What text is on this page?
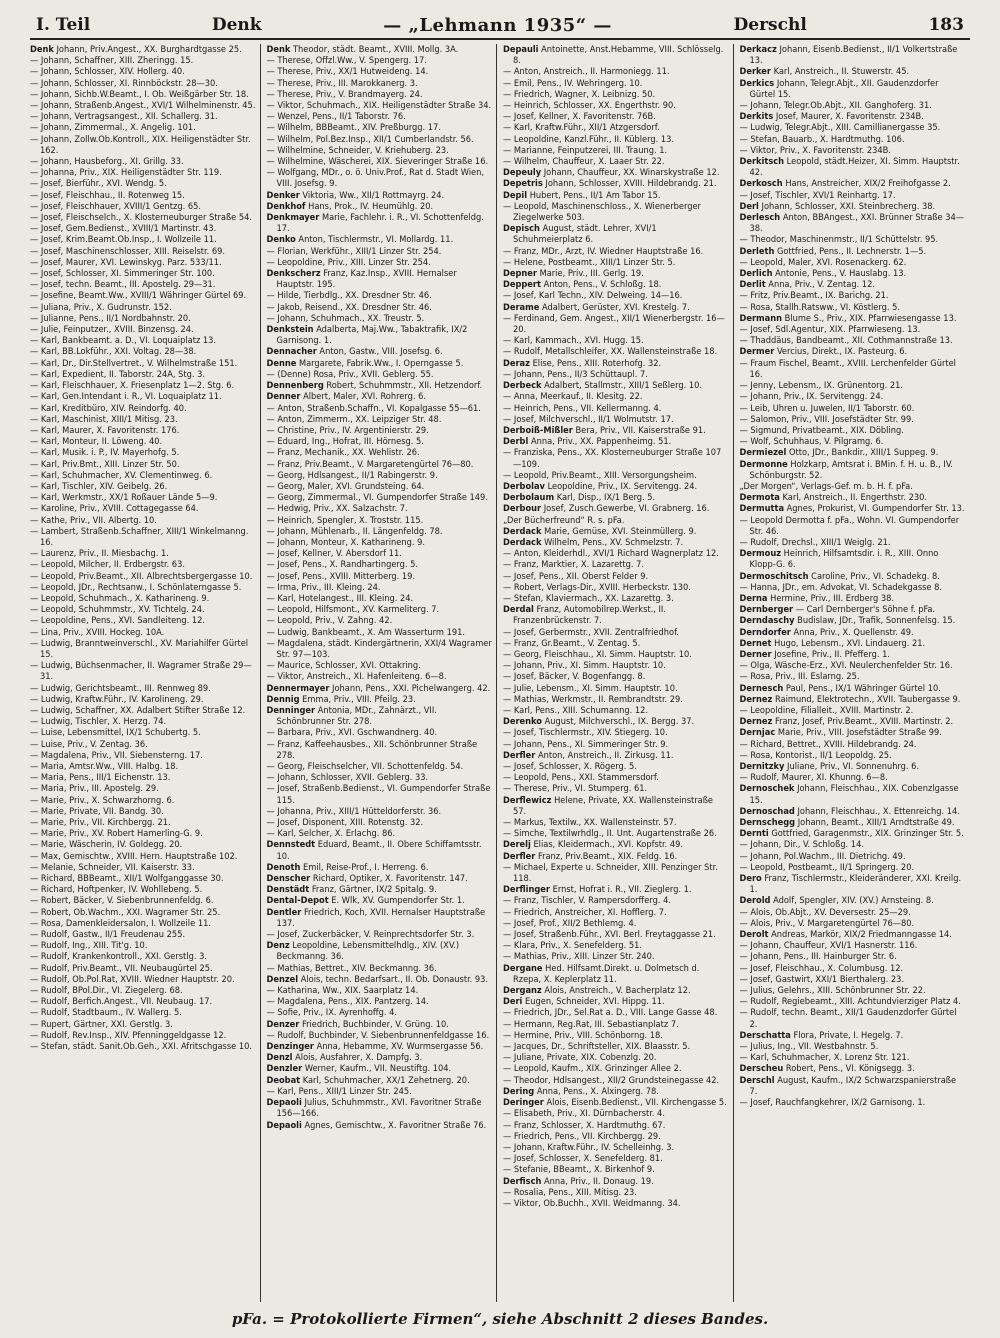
I. Teil	Denk	— „Lehmann 1935“ —	Derschl	183

Denk Johann, Priv.Angest., XX. Burghardtgasse 25.

— Johann, Schaffner, XIII. Zheringg. 15.

— Johann, Schlosser, XIV. Hollerg. 40.

— Johann, Schlosser, XI. Rinnböckstr. 28—30.

— Johann, Sichb.W.Beamt., I. Ob. Weißgärber Str. 18.

— Johann, Straßenb.Angest., XVI/1 Wilhelminenstr. 45.

— Johann, Vertragsangest., XII. Schallerg. 31.

— Johann, Zimmermal., X. Angelig. 101.

— Johann, Zollw.Ob.Kontroll., XIX. Heiligenstädter Str. 162.

— Johann, Hausbeforg., XI. Grillg. 33.

— Johanna, Priv., XIX. Heiligenstädter Str. 119.

— Josef, Bierführ., XVI. Wendg. 5.

— Josef, Fleischhau., II. Rotenweg 15.

— Josef, Fleischhauer, XVIII/1 Gentzg. 65.

— Josef, Fleischselch., X. Klosterneuburger Straße 54.

— Josef, Gem.Bedienst., XVIII/1 Martinstr. 43.

— Josef, Krim.Beamt.Ob.Insp., I. Wollzeile 11.

— Josef, Maschinenschlosser, XIII. Reiselstr. 69.

— Josef, Maurer, XVI. Lewinskyg. Parz. 533/11.

— Josef, Schlosser, XI. Simmeringer Str. 100.

— Josef, techn. Beamt., III. Apostelg. 29—31.

— Josefine, Beamt.Ww., XVIII/1 Währinger Gürtel 69.

— Juliana, Priv., X. Gudrunstr. 152.

— Julianne, Pens., II/1 Nordbahnstr. 20.

— Julie, Feinputzer., XVIII. Binzensg. 24.

— Karl, Bankbeamt. a. D., VI. Loquaiplatz 13.

— Karl, BB.Lokführ., XXI. Voltag. 28—38.

— Karl, Dr., Dir.Stellvertret., V. Wilhelmstraße 151.

— Karl, Expedient, II. Taborstr. 24A, Stg. 3.

— Karl, Fleischhauer, X. Friesenplatz 1—2. Stg. 6.

— Karl, Gen.Intendant i. R., VI. Loquaiplatz 11.

— Karl, Kreditbüro, XIV. Reindorfg. 40.

— Karl, Maschinist, XIII/1 Mitisg. 23.

— Karl, Maurer, X. Favoritenstr. 176.

— Karl, Monteur, II. Löweng. 40.

— Karl, Musik. i. P., IV. Mayerhofg. 5.

— Karl, Priv.Bmt., XIII. Linzer Str. 50.

— Karl, Schuhmacher, XV. Clementinweg. 6.

— Karl, Tischler, XIV. Geibelg. 26.

— Karl, Werkmstr., XX/1 Roßauer Lände 5—9.

— Karoline, Priv., XVIII. Cottagegasse 64.

— Kathe, Priv., VII. Albertg. 10.

— Lambert, Straßenb.Schaffner, XIII/1 Winkelmanng. 16.

— Laurenz, Priv., II. Miesbachg. 1.

— Leopold, Milcher, II. Erdbergstr. 63.

— Leopold, Priv.Beamt., XII. Albrechtsbergergasse 10.

— Leopold, JDr., Rechtsanw., I. Schönlaterngasse 5.

— Leopold, Schuhmach., X. Katharineng. 9.

— Leopold, Schuhmmstr., XV. Tichtelg. 24.

— Leopoldine, Pens., XVI. Sandleiteng. 12.

— Lina, Priv., XVIII. Hockeg. 10A.

— Ludwig, Branntweinverschl., XV. Mariahilfer Gürtel 15.

— Ludwig, Büchsenmacher, II. Wagramer Straße 29—31.

— Ludwig, Gerichtsbeamt., III. Rennweg 89.

— Ludwig, Kraftw.Führ., IV. Karolineng. 29.

— Ludwig, Schaffner, XX. Adalbert Stifter Straße 12.

— Ludwig, Tischler, X. Herzg. 74.

— Luise, Lebensmittel, IX/1 Schubertg. 5.

— Luise, Priv., V. Zentag. 36.

— Magdalena, Priv., VII. Siebensterng. 17.

— Maria, Amtsr.Ww., VIII. Halbg. 18.

— Maria, Pens., III/1 Eichenstr. 13.

— Maria, Priv., III. Apostelg. 29.

— Marie, Priv., X. Schwarzhorng. 6.

— Marie, Private, VII. Bandg. 30.

— Marie, Priv., VII. Kirchbergg. 21.

— Marie, Priv., XV. Robert Hamerling-G. 9.

— Marie, Wäscherin, IV. Goldegg. 20.

— Max, Gemischtw., XVIII. Hern. Hauptstraße 102.

— Melanie, Schneider, VII. Kaiserstr. 33.

— Richard, BBBeamt., XII/1 Wolfganggasse 30.

— Richard, Hoftpenker, IV. Wohllebeng. 5.

— Robert, Bäcker, V. Siebenbrunnenfeldg. 6.

— Robert, Ob.Wachm., XXI. Wagramer Str. 25.

— Rosa, Damenkleidersalon, I. Wollzeile 11.

— Rudolf, Gastw., II/1 Freudenau 255.

— Rudolf, Ing., XIII. Tit'g. 10.

— Rudolf, Krankenkontroll., XXI. Gerstlg. 3.

— Rudolf, Priv.Beamt., VII. Neubaugürtel 25.

— Rudolf, Ob.Pol.Rat, XVIII. Wiedner Hauptstr. 20.

— Rudolf, BPol.Dir., VI. Ziegelerg. 68.

— Rudolf, Berfich.Angest., VII. Neubaug. 17.

— Rudolf, Stadtbaum., IV. Wallerg. 5.

— Rupert, Gärtner, XXI. Gerstlg. 3.

— Rudolf, Rev.Insp., XIV. Pfenninggeldgasse 12.

— Stefan, städt. Sanit.Ob.Geh., XXI. Afritschgasse 10.

Denk Theodor, städt. Beamt., XVIII. Mollg. 3A.

— Therese, Offzl.Ww., V. Spengerg. 17.

— Therese, Priv., XX/1 Hutweideng. 14.

— Therese, Priv., III. Marokkanerg. 3.

— Therese, Priv., V. Brandmayerg. 24.

— Viktor, Schuhmach., XIX. Heiligenstädter Straße 34.

— Wenzel, Pens., II/1 Taborstr. 76.

— Wilhelm, BBBeamt., XIV. Preßburgg. 17.

— Wilhelm, Pol.Bez.Insp., XII/1 Cumberlandstr. 56.

— Wilhelmine, Schneider, V. Kriehuberg. 23.

— Wilhelmine, Wäscherei, XIX. Sieveringer Straße 16.

— Wolfgang, MDr., o. ö. Univ.Prof., Rat d. Stadt Wien, VIII. Josefsg. 9.

Denker Viktoria, Ww., XII/1 Rottmayrg. 24.

Denkhof Hans, Prok., IV. Heumühlg. 20.

Denkmayer Marie, Fachlehr. i. R., VI. Schottenfeldg. 17.

Denko Anton, Tischlermstr., VI. Mollardg. 11.

— Florian, Werkführ., XIII/1 Linzer Str. 254.

— Leopoldine, Priv., XIII. Linzer Str. 254.

Denkscherz Franz, Kaz.Insp., XVIII. Hernalser Hauptstr. 195.

— Hilde, Tierbdlg., XX. Dresdner Str. 46.

— Jakob, Reisend., XX. Dresdner Str. 46.

— Johann, Schuhmach., XX. Treustr. 5.

Denkstein Adalberta, Maj.Ww., Tabaktrafik, IX/2 Garnisong. 1.

Dennacher Anton, Gastw., VIII. Josefsg. 6.

Denne Margarete, Fabrik.Ww., I. Operngasse 5.

— (Denne) Rosa, Priv., XVII. Geblerg. 55.

Dennenberg Robert, Schuhmmstr., XII. Hetzendorf.

Denner Albert, Maler, XVI. Rohrerg. 6.

— Anton, Straßenb.Schaffn., VI. Kopalgasse 55—61.

— Anton, Zimmerm., XX. Leipziger Str. 48.

— Christine, Priv., IV. Argentinierstr. 29.

— Eduard, Ing., Hofrat, III. Hörnesg. 5.

— Franz, Mechanik., XX. Wehlistr. 26.

— Franz, Priv.Beamt., V. Margaretengürtel 76—80.

— Georg, Hdlsangest., II/1 Rabingerstr. 9.

— Georg, Maler, XVI. Grundsteing. 64.

— Georg, Zimmermal., VI. Gumpendorfer Straße 149.

— Hedwig, Priv., XX. Salzachstr. 7.

— Heinrich, Spengler, X. Troststr. 115.

— Johann, Mühlenarb., II. Längenfeldg. 78.

— Johann, Monteur, X. Katharineng. 9.

— Josef, Kellner, V. Abersdorf 11.

— Josef, Pens., X. Randhartingerg. 5.

— Josef, Pens., XVIII. Mitterberg. 19.

— Irma, Priv., III. Kleing. 24.

— Karl, Hotelangest., III. Kleing. 24.

— Leopold, Hilfsmont., XV. Karmeliterg. 7.

— Leopold, Priv., V. Zahng. 42.

— Ludwig, Bankbeamt., X. Am Wasserturm 191.

— Magdalena, städt. Kindergärtnerin, XXI/4 Wagramer Str. 97—103.

— Maurice, Schlosser, XVI. Ottakring.

— Viktor, Anstreich., XI. Hafenleiteng. 6—8.

Dennermayer Johann, Pens., XXI. Pichelwangerg. 42.

Dennig Emma, Priv., VIII. Pfeilg. 23.

Denninger Antonia, MDr., Zahnärzt., VII. Schönbrunner Str. 278.

— Barbara, Priv., XVI. Gschwandnerg. 40.

— Franz, Kaffeehausbes., XII. Schönbrunner Straße 278.

— Georg, Fleischselcher, VII. Schottenfeldg. 54.

— Johann, Schlosser, XVII. Geblerg. 33.

— Josef, Straßenb.Bedienst., VI. Gumpendorfer Straße 115.

— Johanna, Priv., XIII/1 Hütteldorferstr. 36.

— Josef, Disponent, XIII. Rotenstg. 32.

— Karl, Selcher, X. Erlachg. 86.

Dennstedt Eduard, Beamt., II. Obere Schiffamtsstr. 10.

Denoth Emil, Reise-Prof., I. Herreng. 6.

Denscher Richard, Optiker, X. Favoritenstr. 147.

Denstädt Franz, Gärtner, IX/2 Spitalg. 9.

Dental-Depot E. Wlk, XV. Gumpendorfer Str. 1.

Dentler Friedrich, Koch, XVII. Hernalser Hauptstraße 137.

— Josef, Zuckerbäcker, V. Reinprechtsdorfer Str. 3.

Denz Leopoldine, Lebensmittelhdlg., XIV. (XV.) Beckmanng. 36.

— Mathias, Bettret., XIV. Beckmanng. 36.

Denzel Alois, techn. Bedarfsart., II. Ob. Donaustr. 93.

— Katharina, Ww., XIX. Saarplatz 14.

— Magdalena, Pens., XIX. Pantzerg. 14.

— Sofie, Priv., IX. Ayrenhoffg. 4.

Denzer Friedrich, Buchbinder, V. Grüng. 10.

— Rudolf, Buchbinder, V. Siebenbrunnenfeldgasse 16.

Denzinger Anna, Hebamme, XV. Wurmsergasse 56.

Denzl Alois, Ausfahrer, X. Dampfg. 3.

Denzler Werner, Kaufm., VII. Neustiftg. 104.

Deobat Karl, Schuhmacher, XX/1 Zehetnerg. 20.

— Karl, Pens., XIII/1 Linzer Str. 245.

Depaoli Julius, Schuhmmstr., XVI. Favoritner Straße 156—166.

Depaoli Agnes, Gemischtw., X. Favoritner Straße 76.

Depauli Antoinette, Anst.Hebamme, VIII. Schlösselg. 8.

— Anton, Anstreich., II. Harmoniegg. 11.

— Emil, Pens., IV. Wehringerg. 10.

— Friedrich, Wagner, X. Leibnizg. 50.

— Heinrich, Schlosser, XX. Engerthstr. 90.

— Josef, Kellner, X. Favoritenstr. 76B.

— Karl, Kraftw.Führ., XII/1 Atzgersdorf.

— Leopoldine, Kanzl.Führ., II. Küblerg. 13.

— Marianne, Feinputzerei, III. Traung. 1.

— Wilhelm, Chauffeur, X. Laaer Str. 22.

Depeuly Johann, Chauffeur, XX. Winarskystraße 12.

Depetris Johann, Schlosser, XVIII. Hildebrandg. 21.

Depil Hubert, Pens., II/1 Am Tabor 15.

— Leopold, Maschinenschloss., X. Wienerberger Ziegelwerke 503.

Depisch August, städt. Lehrer, XVI/1 Schuhmeierplatz 6.

— Franz, MDr., Arzt, IV. Wiedner Hauptstraße 16.

— Helene, Postbeamt., XIII/1 Linzer Str. 5.

Depner Marie, Priv., III. Gerlg. 19.

Deppert Anton, Pens., V. Schloßg. 18.

— Josef, Karl Techn., XIV. Delweing. 14—16.

Derame Adalbert, Gerüster, XVI. Krestelg. 7.

— Ferdinand, Gem. Angest., XII/1 Wienerbergstr. 16—20.

— Karl, Kammach., XVI. Hugg. 15.

— Rudolf, Metallschleifer, XX. Wallensteinstraße 18.

Deraz Elise, Pens., XIII. Roterhofg. 32.

— Johann, Pens., II/3 Schüttaupl. 7.

Derbeck Adalbert, Stallmstr., XIII/1 Seßlerg. 10.

— Anna, Meerkauf., II. Klesitg. 22.

— Heinrich, Pens., VII. Kellermanng. 4.

— Josef, Milchverschl., II/1 Wolmutstr. 17.

Derboiß-Mißler Bera, Priv., VII. Kaiserstraße 91.

Derbl Anna, Priv., XX. Pappenheimg. 51.

— Franziska, Pens., XX. Klosterneuburger Straße 107—109.

— Leopold, Priv.Beamt., XIII. Versorgungsheim.

Derbolav Leopoldine, Priv., IX. Servitengg. 24.

Derbolaum Karl, Disp., IX/1 Berg. 5.

Derbour Josef, Zusch.Gewerbe, VI. Grabnerg. 16.

„Der Bücherfreund“ R. s. pFa.

Derdack Marie, Gemüse, XVI. Steinmüllerg. 9.

Derdack Wilhelm, Pens., XV. Schmelzstr. 7.

— Anton, Kleiderhdl., XVI/1 Richard Wagnerplatz 12.

— Franz, Marktier, X. Lazarettg. 7.

— Josef, Pens., XII. Oberst Felder 9.

— Robert, Verlags-Dir., XVIII. Herbeckstr. 130.

— Stefan, Klaviermach., XX. Lazarettg. 3.

Derdal Franz, Automobilrep.Werkst., II. Franzenbrückenstr. 7.

— Josef, Gerbermstr., XVII. Zentralfriedhof.

— Franz, Gr.Beamt., V. Zentag. 5.

— Georg, Fleischhau., XI. Simm. Hauptstr. 10.

— Johann, Priv., XI. Simm. Hauptstr. 10.

— Josef, Bäcker, V. Bogenfangg. 8.

— Julie, Lebensm., XI. Simm. Hauptstr. 10.

— Mathias, Werkmstr., II. Rembrandtstr. 29.

— Karl, Pens., XIII. Schumanng. 12.

Derenko August, Milchverschl., IX. Bergg. 37.

— Josef, Tischlermstr., XIV. Stiegerg. 10.

— Johann, Pens., XI. Simmeringer Str. 9.

Derfler Anton, Anstreich., II. Zirkusg. 11.

— Josef, Schlosser, X. Rögerg. 5.

— Leopold, Pens., XXI. Stammersdorf.

— Therese, Priv., VI. Stumperg. 61.

Derflewicz Helene, Private, XX. Wallensteinstraße 57.

— Markus, Textilw., XX. Wallensteinstr. 57.

— Simche, Textilwrhdlg., II. Unt. Augartenstraße 26.

Derelj Elias, Kleidermach., XVI. Kopfstr. 49.

Derfler Franz, Priv.Beamt., XIX. Feldg. 16.

— Michael, Experte u. Schneider, XIII. Penzinger Str. 118.

Derflinger Ernst, Hofrat i. R., VII. Zieglerg. 1.

— Franz, Tischler, V. Rampersdorfferg. 4.

— Friedrich, Anstreicher, XI. Hofflerg. 7.

— Josef, Prof., XII/2 Bethlemg. 4.

— Josef, Straßenb.Führ., XVI. Berl. Freytaggasse 21.

— Klara, Priv., X. Senefelderg. 51.

— Mathias, Priv., XIII. Linzer Str. 240.

Dergane Hed. Hilfsamt.Direkt. u. Dolmetsch d. Rzepa, X. Keplerplatz 11.

Derganz Alois, Anstreich., V. Bacherplatz 12.

Deri Eugen, Schneider, XVI. Hippg. 11.

— Friedrich, JDr., Sel.Rat a. D., VIII. Lange Gasse 48.

— Hermann, Reg.Rat, III. Sebastianplatz 7.

— Hermine, Priv., VIII. Schönborng. 18.

— Jacques, Dr., Schriftsteller, XIX. Blaasstr. 5.

— Juliane, Private, XIX. Cobenzlg. 20.

— Leopold, Kaufm., XIX. Grinzinger Allee 2.

— Theodor, Hdlsangest., XII/2 Grundsteinegasse 42.

Dering Anna, Pens., X. Alxingerg. 78.

Deringer Alois, Eisenb.Bedienst., VII. Kirchengasse 5.

— Elisabeth, Priv., XI. Dürnbacherstr. 4.

— Franz, Schlosser, X. Hardtmuthg. 67.

— Friedrich, Pens., VII. Kirchbergg. 29.

— Johann, Kraftw.Führ., IV. Schelleinhg. 3.

— Josef, Schlosser, X. Senefelderg. 81.

— Stefanie, BBeamt., X. Birkenhof 9.

Derfisch Anna, Priv., II. Donaug. 19.

— Rosalia, Pens., XIII. Mitisg. 23.

— Viktor, Ob.Buchh., XVII. Weidmanng. 34.

Derkacz Johann, Eisenb.Bedienst., II/1 Volkertstraße 13.

Derker Karl, Anstreich., II. Stuwerstr. 45.

Derkics Johann, Telegr.Abjt., XII. Gaudenzdorfer Gürtel 15.

— Johann, Telegr.Ob.Abjt., XII. Ganghoferg. 31.

Derkits Josef, Maurer, X. Favoritenstr. 234B.

— Ludwig, Telegr.Abjt., XIII. Camillianergasse 35.

— Stefan, Bauarb., X. Hardtmuthg. 106.

— Viktor, Priv., X. Favoritenstr. 234B.

Derkitsch Leopold, städt.Heizer, XI. Simm. Hauptstr. 42.

Derkosch Hans, Anstreicher, XIX/2 Freihofgasse 2.

— Josef, Tischler, XVI/1 Reinhartg. 17.

Derl Johann, Schlosser, XXI. Steinbrecherg. 38.

Derlesch Anton, BBAngest., XXI. Brünner Straße 34—38.

— Theodor, Maschinenmstr., II/1 Schüttelstr. 95.

Derleth Gottfried, Pens., II. Lechnerstr. 1—5.

— Leopold, Maler, XVI. Rosenackerg. 62.

Derlich Antonie, Pens., V. Hauslabg. 13.

Derlit Anna, Priv., V. Zentag. 12.

— Fritz, Priv.Beamt., IX. Barichg. 21.

— Rosa, Stallh.Ratsww., VI. Köstlerg. 5.

Dermann Blume S., Priv., XIX. Pfarrwiesengasse 13.

— Josef, Sdl.Agentur, XIX. Pfarrwieseng. 13.

— Thaddäus, Bandbeamt., XII. Cothmannstraße 13.

Dermer Vercius, Direkt., IX. Pasteurg. 6.

— Fraum Fischel, Beamt., XVIII. Lerchenfelder Gürtel 16.

— Jenny, Lebensm., IX. Grünentorg. 21.

— Johann, Priv., IX. Servitengg. 24.

— Leib, Uhren u. Juwelen, II/1 Taborstr. 60.

— Salomon, Priv., VIII. Josefstädter Str. 99.

— Sigmund, Privatbeamt., XIX. Döbling.

— Wolf, Schuhhaus, V. Pilgramg. 6.

Dermiezel Otto, JDr., Bankdir., XIII/1 Suppeg. 9.

Dermonne Holzkarp, Amtsrat i. BMin. f. H. u. B., IV. Schönburgstr. 52.

„Der Morgen“, Verlags-Gef. m. b. H. f. pFa.

Dermota Karl, Anstreich., II. Engerthstr. 230.

Dermutta Agnes, Prokurist, VI. Gumpendorfer Str. 13.

— Leopold Dermotta f. pFa., Wohn. VI. Gumpendorfer Str. 46.

— Rudolf, Drechsl., XIII/1 Weiglg. 21.

Dermouz Heinrich, Hilfsamtsdir. i. R., XIII. Onno Klopp-G. 6.

Dermoschitsch Caroline, Priv., VI. Schadekg. 8.

— Hanna, JDr., em. Advokat, VI. Schadekgasse 8.

Derna Hermine, Priv., III. Erdberg 38.

Dernberger — Carl Dernberger's Söhne f. pFa.

Derndaschy Budislaw, JDr., Trafik, Sonnenfelsg. 15.

Derndorfer Anna, Priv., X. Quellenstr. 49.

Dernet Hugo, Lebensm., XVI. Lindauerg. 21.

Derner Josefine, Priv., II. Pfefferg. 1.

— Olga, Wäsche-Erz., XVI. Neulerchenfelder Str. 16.

— Rosa, Priv., III. Eslarng. 25.

Dernesch Paul, Pens., IX/1 Währinger Gürtel 10.

Dernez Raimund, Elektrotechn., XVII. Taubergasse 9.

— Leopoldine, Filialleit., XVIII. Martinstr. 2.

Dernez Franz, Josef, Priv.Beamt., XVIII. Martinstr. 2.

Dernjac Marie, Priv., VIII. Josefstädter Straße 99.

— Richard, Bettret., XVIII. Hildebrandg. 24.

— Rosa, Kontorist., II/1 Leopoldg. 25.

Dernitzky Juliane, Priv., VI. Sonnenuhrg. 6.

— Rudolf, Maurer, XI. Khunng. 6—8.

Dernoschek Johann, Fleischhau., XIX. Cobenzlgasse 15.

Dernoschad Johann, Fleischhau., X. Ettenreichg. 14.

Dernschegg Johann, Beamt., XIII/1 Arndtstraße 49.

Dernti Gottfried, Garagenmstr., XIX. Grinzinger Str. 5.

— Johann, Dir., V. Schloßg. 14.

— Johann, Pol.Wachm., III. Dietrichg. 49.

— Leopold, Postbeamt., II/1 Springerg. 20.

Dero Franz, Tischlermstr., Kleideränderer, XXI. Kreilg. 1.

Derold Adolf, Spengler, XIV. (XV.) Arnsteing. 8.

— Alois, Ob.Abjt., XV. Deversestr. 25—29.

— Alois, Priv., V. Margaretengürtel 76—80.

Derolt Andreas, Markör, XIX/2 Friedmanngasse 14.

— Johann, Chauffeur, XVI/1 Hasnerstr. 116.

— Johann, Pens., III. Hainburger Str. 6.

— Josef, Fleischhau., X. Columbusg. 12.

— Josef, Gastwirt, XXI/1 Bierthalerg. 23.

— Julius, Gelehrs., XIII. Schönbrunner Str. 22.

— Rudolf, Regiebeamt., XIII. Achtundvierziger Platz 4.

— Rudolf, techn. Beamt., XII/1 Gaudenzdorfer Gürtel 2.

Derschatta Flora, Private, I. Hegelg. 7.

— Julius, Ing., VII. Westbahnstr. 5.

— Karl, Schuhmacher, X. Lorenz Str. 121.

Derscheu Robert, Pens., VI. Königsegg. 3.

Derschl August, Kaufm., IX/2 Schwarzspanierstraße 7.

— Josef, Rauchfangkehrer, IX/2 Garnisong. 1.

pFa. = Protokollierte Firmen“, siehe Abschnitt 2 dieses Bandes.
